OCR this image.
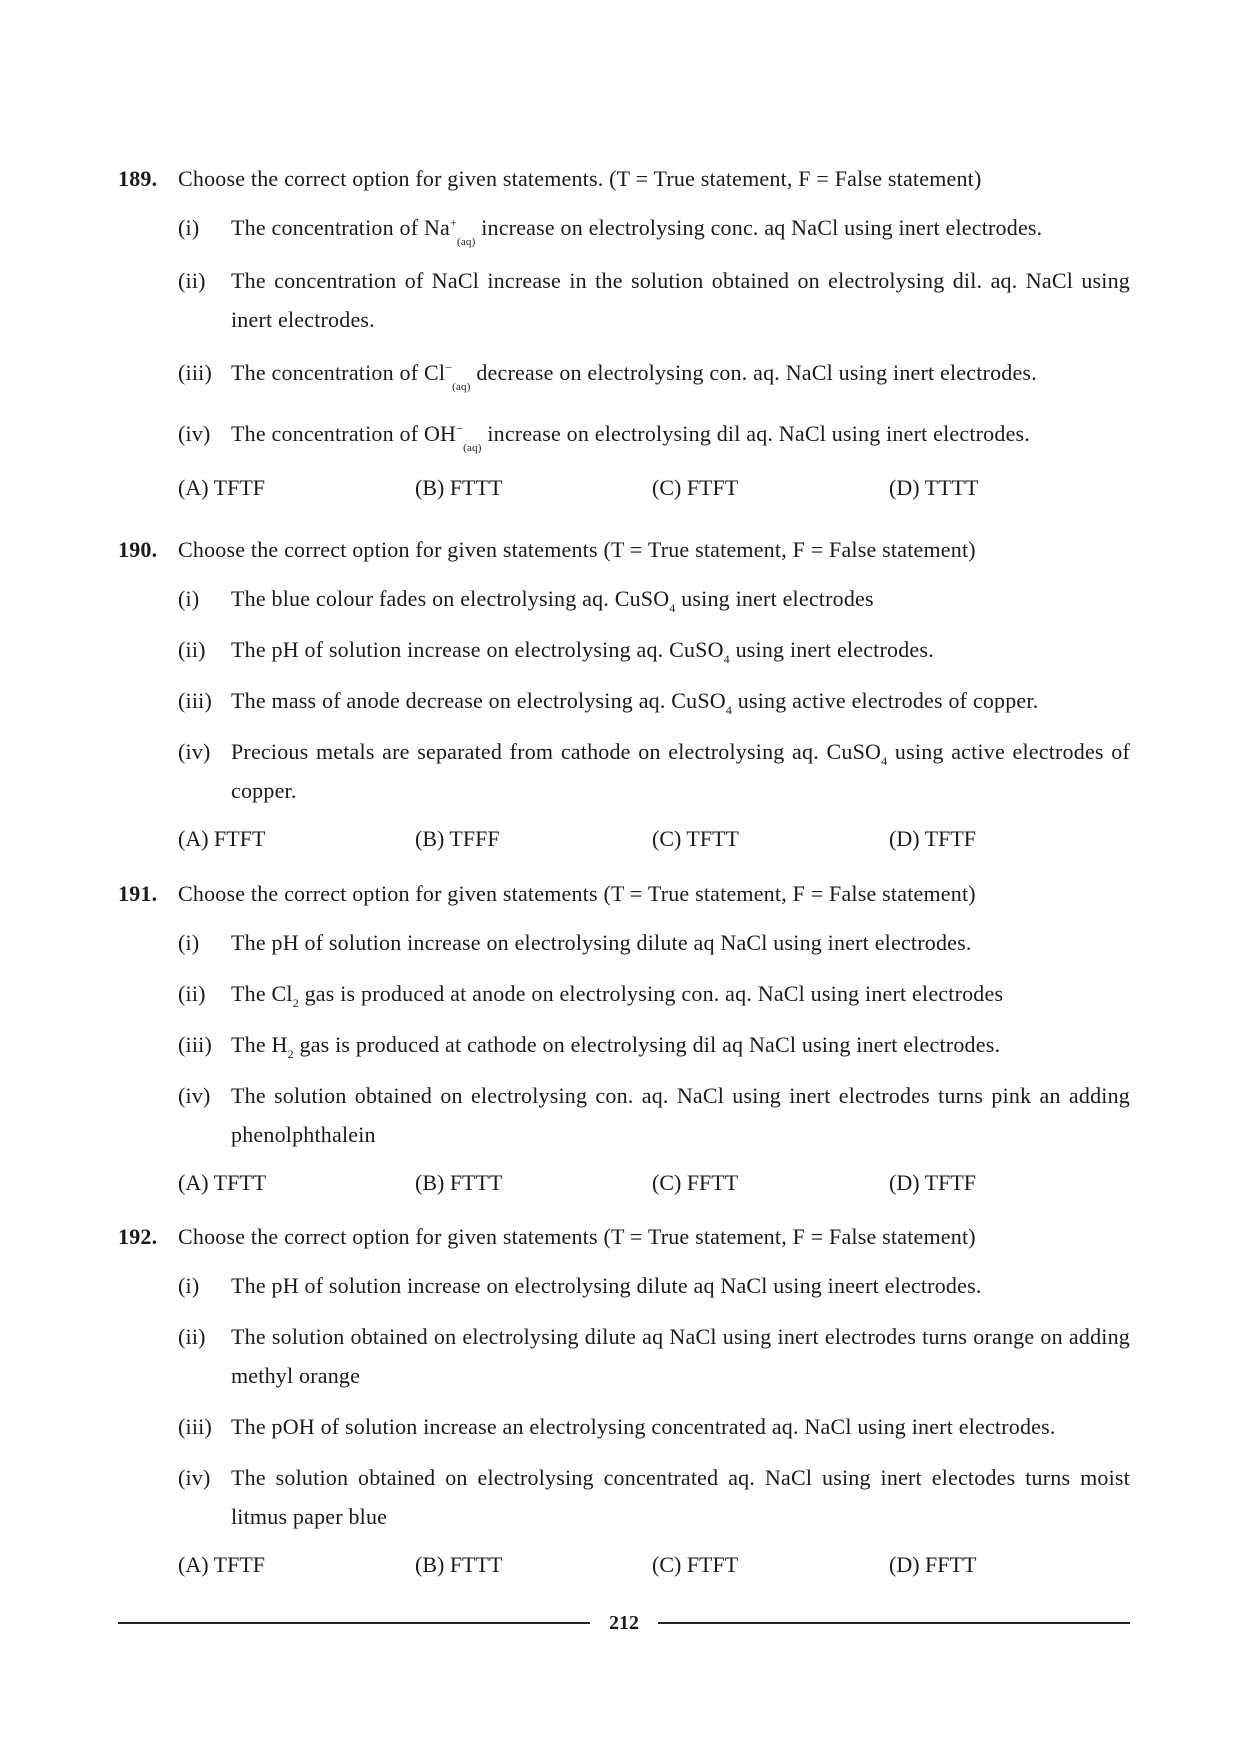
189. Choose the correct option for given statements. (T = True statement, F = False statement)
(i)	The concentration of $Na^+_{(aq)}$ increase on electrolysing conc. aq NaCl using inert electrodes.
(ii)	The concentration of NaCl increase in the solution obtained on electrolysing dil. aq. NaCl using inert electrodes.
(iii) The concentration of $Cl^-_{(aq)}$ decrease on electrolysing con. aq. NaCl using inert electrodes.
(iv) The concentration of $OH^-_{(aq)}$ increase on electrolysing dil aq. NaCl using inert electrodes.
(A) TFTF	(B) FTTT	(C) FTFT	(D) TTTT
190. Choose the correct option for given statements (T = True statement, F = False statement)
(i)	The blue colour fades on electrolysing aq. CuSO$_4$ using inert electrodes
(ii)	The pH of solution increase on electrolysing aq. CuSO$_4$ using inert electrodes.
(iii) The mass of anode decrease on electrolysing aq. CuSO$_4$ using active electrodes of copper.
(iv) Precious metals are separated from cathode on electrolysing aq. CuSO$_4$ using active electrodes of copper.
(A) FTFT	(B) TFFF	(C) TFTT	(D) TFTF
191. Choose the correct option for given statements (T = True statement, F = False statement)
(i)	The pH of solution increase on electrolysing dilute aq NaCl using inert electrodes.
(ii)	The $Cl_2$ gas is produced at anode on electrolysing con. aq. NaCl using inert electrodes
(iii) The $H_2$ gas is produced at cathode on electrolysing dil aq NaCl using inert electrodes.
(iv) The solution obtained on electrolysing con. aq. NaCl using inert electrodes turns pink an adding phenolphthalein
(A) TFTT	(B) FTTT	(C) FFTT	(D) TFTF
192. Choose the correct option for given statements (T = True statement, F = False statement)
(i)	The pH of solution increase on electrolysing dilute aq NaCl using ineert electrodes.
(ii)	The solution obtained on electrolysing dilute aq NaCl using inert electrodes turns orange on adding methyl orange
(iii) The pOH of solution increase an electrolysing concentrated aq. NaCl using inert electrodes.
(iv) The solution obtained on electrolysing concentrated aq. NaCl using inert electodes turns moist litmus paper blue
(A) TFTF	(B) FTTT	(C) FTFT	(D) FFTT
212
